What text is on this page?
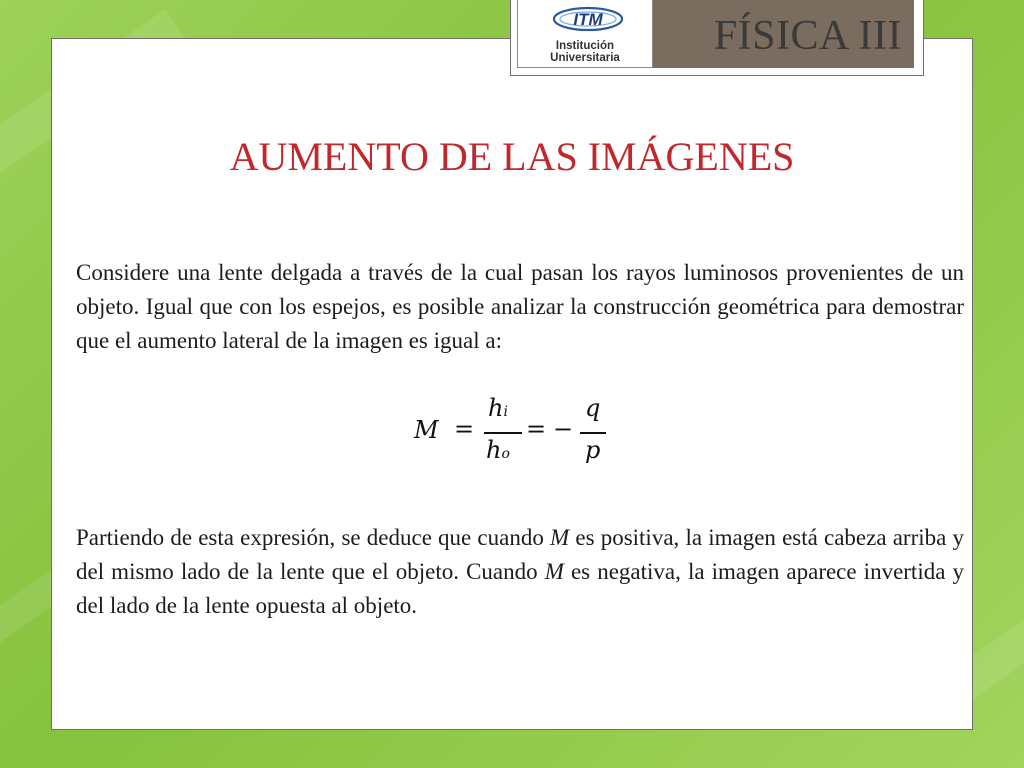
ITM
Institución Universitaria	FÍSICA III
AUMENTO DE LAS IMÁGENES

Considere una lente delgada a través de la cual pasan los rayos luminosos provenientes de un objeto. Igual que con los espejos, es posible analizar la construcción geométrica para demostrar que el aumento lateral de la imagen es igual a:

M =
hi
ho
= −
q
p

Partiendo de esta expresión, se deduce que cuando M es positiva, la imagen está cabeza arriba y del mismo lado de la lente que el objeto. Cuando M es negativa, la imagen aparece invertida y del lado de la lente opuesta al objeto.
